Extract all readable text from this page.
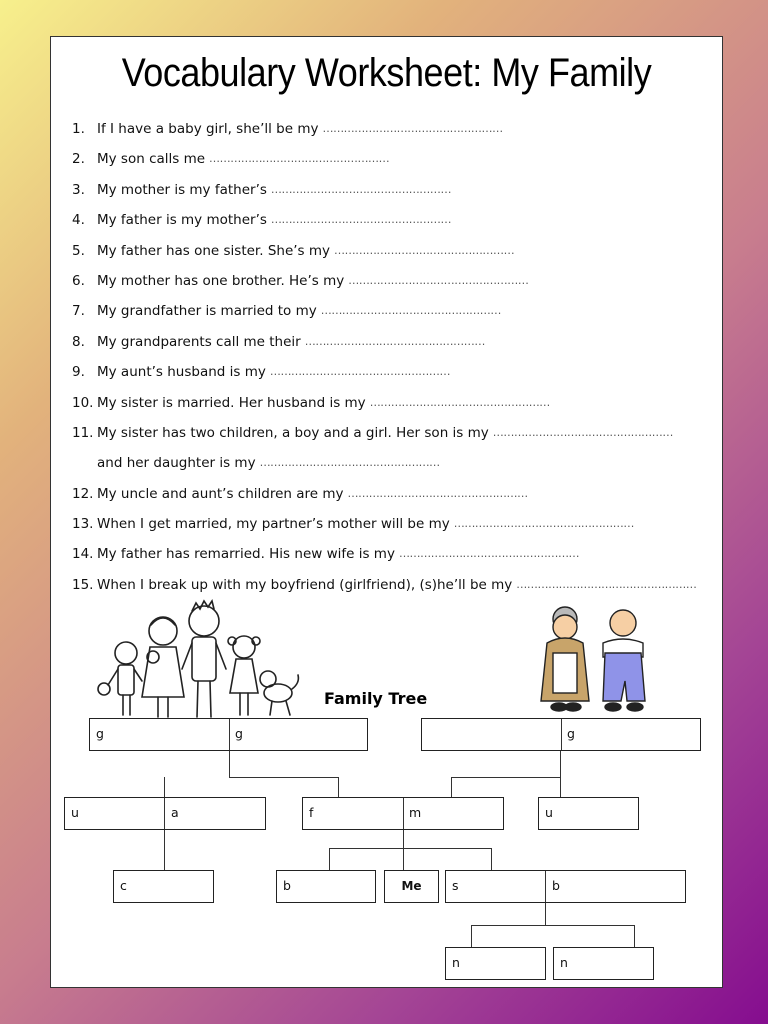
Vocabulary Worksheet: My Family
1. If I have a baby girl, she’ll be my ……………………………………………
2. My son calls me ……………………………………………
3. My mother is my father’s ……………………………………………
4. My father is my mother’s ……………………………………………
5. My father has one sister. She’s my ……………………………………………
6. My mother has one brother. He’s my ……………………………………………
7. My grandfather is married to my ……………………………………………
8. My grandparents call me their ……………………………………………
9. My aunt’s husband is my ……………………………………………
10. My sister is married. Her husband is my ……………………………………………
11. My sister has two children, a boy and a girl. Her son is my ……………………………………………
and her daughter is my ……………………………………………
12. My uncle and aunt’s children are my ……………………………………………
13. When I get married, my partner’s mother will be my ……………………………………………
14. My father has remarried. His new wife is my ……………………………………………
15. When I break up with my boyfriend (girlfriend), (s)he’ll be my ……………………………………………
Family Tree
g	g	g
u	a	f	m	u
c	b	Me	s	b
n	n
